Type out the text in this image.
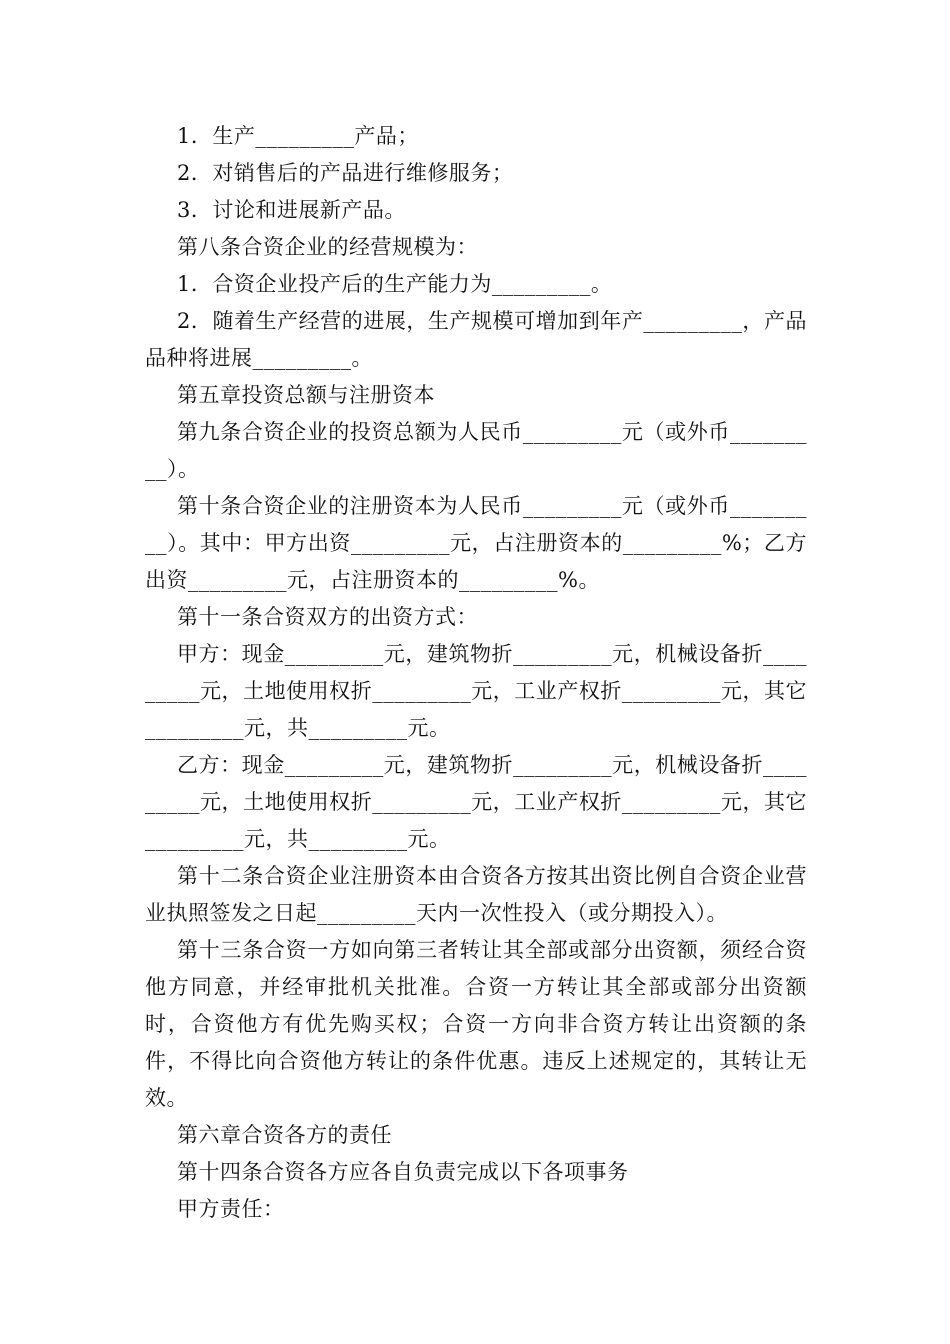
1．生产_________产品；

2．对销售后的产品进行维修服务；

3．讨论和进展新产品。

第八条合资企业的经营规模为：

1．合资企业投产后的生产能力为_________。

2．随着生产经营的进展，生产规模可增加到年产_________，产品品种将进展_________。

第五章投资总额与注册资本

第九条合资企业的投资总额为人民币_________元（或外币_________）。

第十条合资企业的注册资本为人民币_________元（或外币_________）。其中：甲方出资_________元，占注册资本的_________%；乙方出资_________元，占注册资本的_________%。

第十一条合资双方的出资方式：

甲方：现金_________元，建筑物折_________元，机械设备折_________元，土地使用权折_________元，工业产权折_________元，其它_________元，共_________元。

乙方：现金_________元，建筑物折_________元，机械设备折_________元，土地使用权折_________元，工业产权折_________元，其它_________元，共_________元。

第十二条合资企业注册资本由合资各方按其出资比例自合资企业营业执照签发之日起_________天内一次性投入（或分期投入）。

第十三条合资一方如向第三者转让其全部或部分出资额，须经合资他方同意，并经审批机关批准。合资一方转让其全部或部分出资额时，合资他方有优先购买权；合资一方向非合资方转让出资额的条件，不得比向合资他方转让的条件优惠。违反上述规定的，其转让无效。

第六章合资各方的责任

第十四条合资各方应各自负责完成以下各项事务

甲方责任：
